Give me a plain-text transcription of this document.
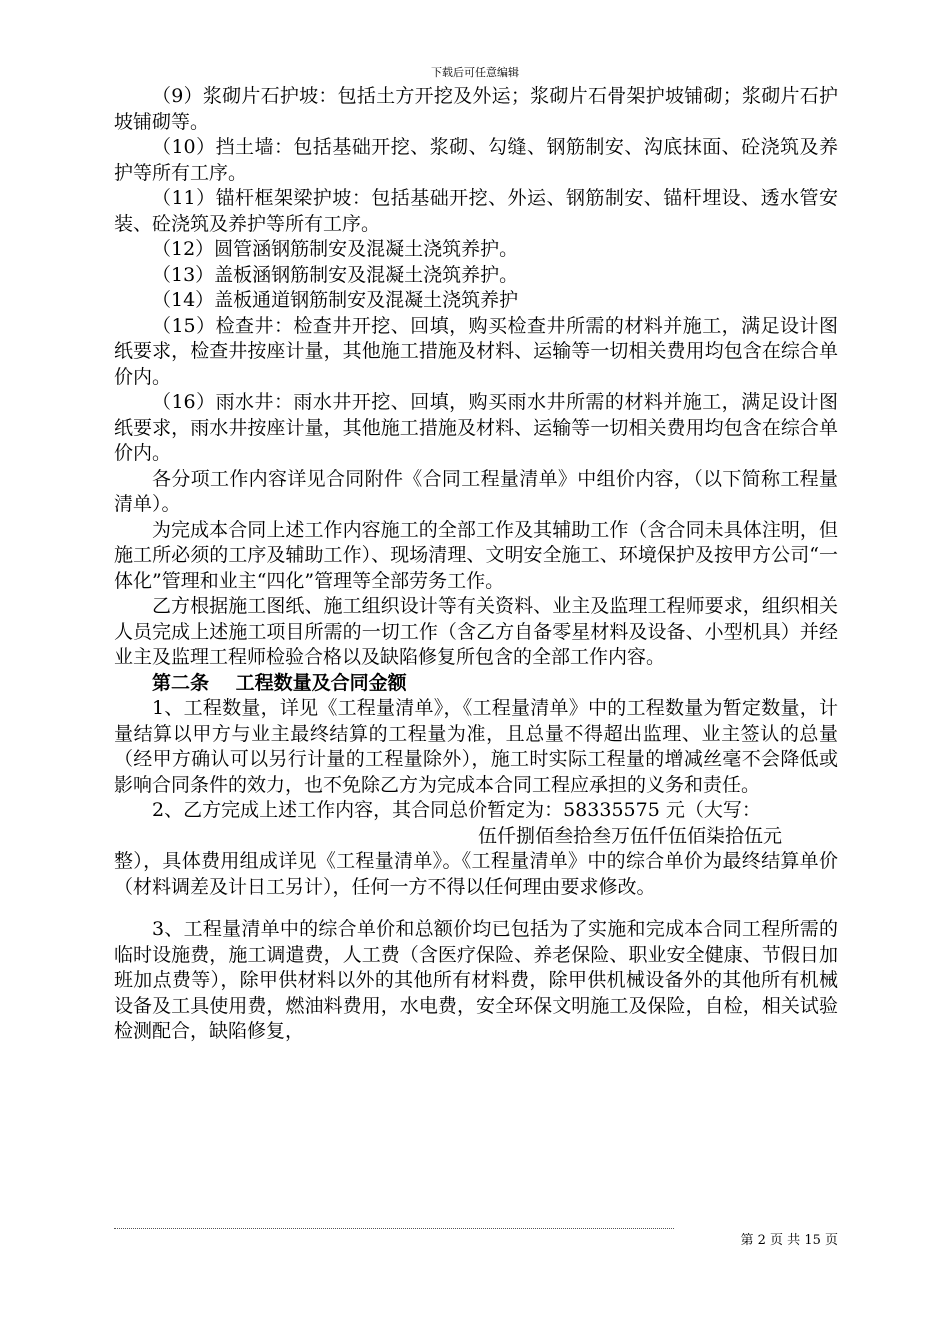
下载后可任意编辑

（9）浆砌片石护坡：包括土方开挖及外运；浆砌片石骨架护坡铺砌；浆砌片石护坡铺砌等。

（10）挡土墙：包括基础开挖、浆砌、勾缝、钢筋制安、沟底抹面、砼浇筑及养护等所有工序。

（11）锚杆框架梁护坡：包括基础开挖、外运、钢筋制安、锚杆埋设、透水管安装、砼浇筑及养护等所有工序。

（12）圆管涵钢筋制安及混凝土浇筑养护。

（13）盖板涵钢筋制安及混凝土浇筑养护。

（14）盖板通道钢筋制安及混凝土浇筑养护

（15）检查井：检查井开挖、回填，购买检查井所需的材料并施工，满足设计图纸要求，检查井按座计量，其他施工措施及材料、运输等一切相关费用均包含在综合单价内。

（16）雨水井：雨水井开挖、回填，购买雨水井所需的材料并施工，满足设计图纸要求，雨水井按座计量，其他施工措施及材料、运输等一切相关费用均包含在综合单价内。

各分项工作内容详见合同附件《合同工程量清单》中组价内容，（以下简称工程量清单）。

为完成本合同上述工作内容施工的全部工作及其辅助工作（含合同未具体注明，但施工所必须的工序及辅助工作）、现场清理、文明安全施工、环境保护及按甲方公司“一体化”管理和业主“四化”管理等全部劳务工作。

乙方根据施工图纸、施工组织设计等有关资料、业主及监理工程师要求，组织相关人员完成上述施工项目所需的一切工作（含乙方自备零星材料及设备、小型机具）并经业主及监理工程师检验合格以及缺陷修复所包含的全部工作内容。

第二条 工程数量及合同金额

1、工程数量，详见《工程量清单》，《工程量清单》中的工程数量为暂定数量，计量结算以甲方与业主最终结算的工程量为准，且总量不得超出监理、业主签认的总量（经甲方确认可以另行计量的工程量除外），施工时实际工程量的增减丝毫不会降低或影响合同条件的效力，也不免除乙方为完成本合同工程应承担的义务和责任。

2、乙方完成上述工作内容，其合同总价暂定为：58335575 元（大写：

伍仟捌佰叁拾叁万伍仟伍佰柒拾伍元

整），具体费用组成详见《工程量清单》。《工程量清单》中的综合单价为最终结算单价（材料调差及计日工另计），任何一方不得以任何理由要求修改。

3、工程量清单中的综合单价和总额价均已包括为了实施和完成本合同工程所需的临时设施费，施工调遣费，人工费（含医疗保险、养老保险、职业安全健康、节假日加班加点费等），除甲供材料以外的其他所有材料费，除甲供机械设备外的其他所有机械设备及工具使用费，燃油料费用，水电费，安全环保文明施工及保险，自检，相关试验检测配合，缺陷修复，

第 2 页 共 15 页
